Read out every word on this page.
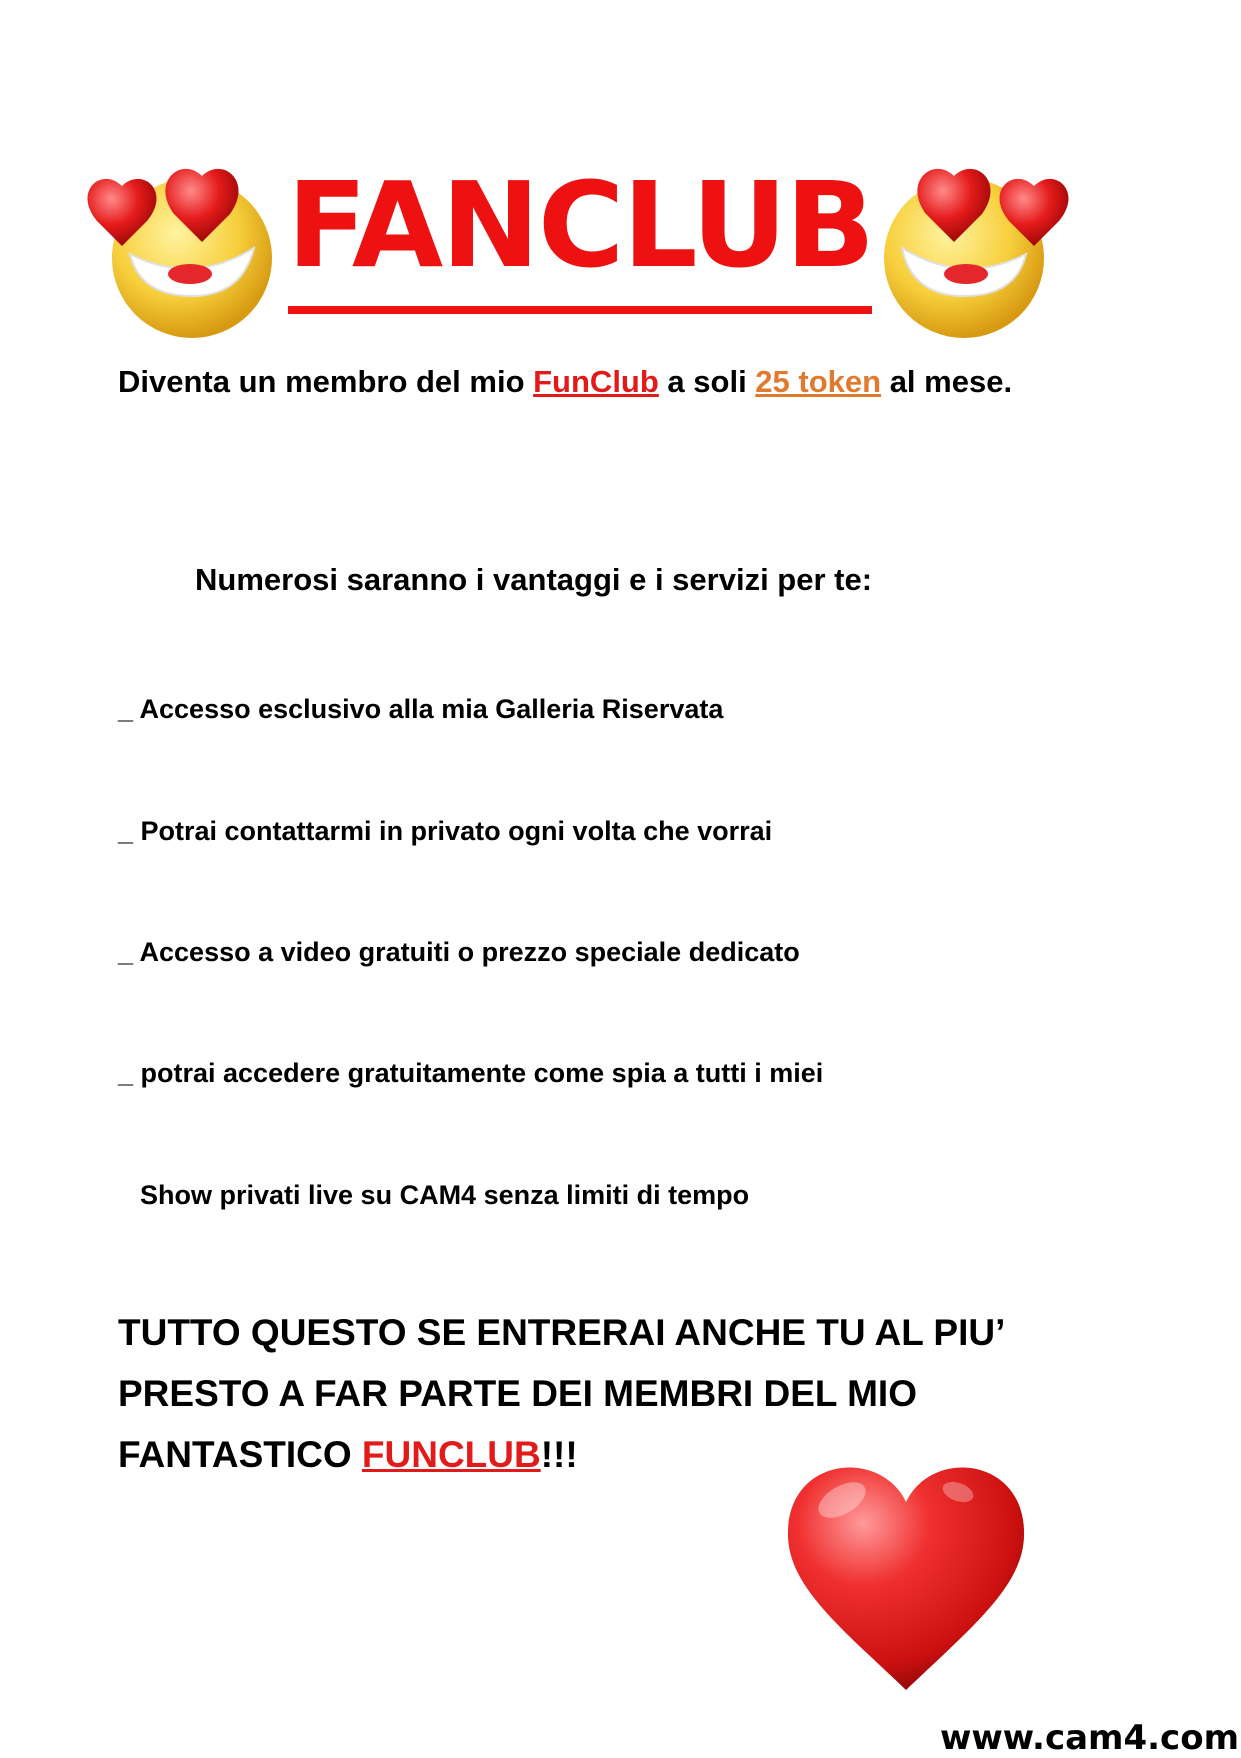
FANCLUB
Diventa un membro del mio FunClub a soli 25 token al mese.
Numerosi saranno i vantaggi e i servizi per te:
_ Accesso esclusivo alla mia Galleria Riservata
_ Potrai contattarmi in privato ogni volta che vorrai
_ Accesso a video gratuiti o prezzo speciale dedicato
_ potrai accedere gratuitamente come spia a tutti i miei
Show privati live su CAM4 senza limiti di tempo
TUTTO QUESTO SE ENTRERAI ANCHE TU AL PIU’ PRESTO A FAR PARTE DEI MEMBRI DEL MIO FANTASTICO FUNCLUB!!!
www.cam4.com
